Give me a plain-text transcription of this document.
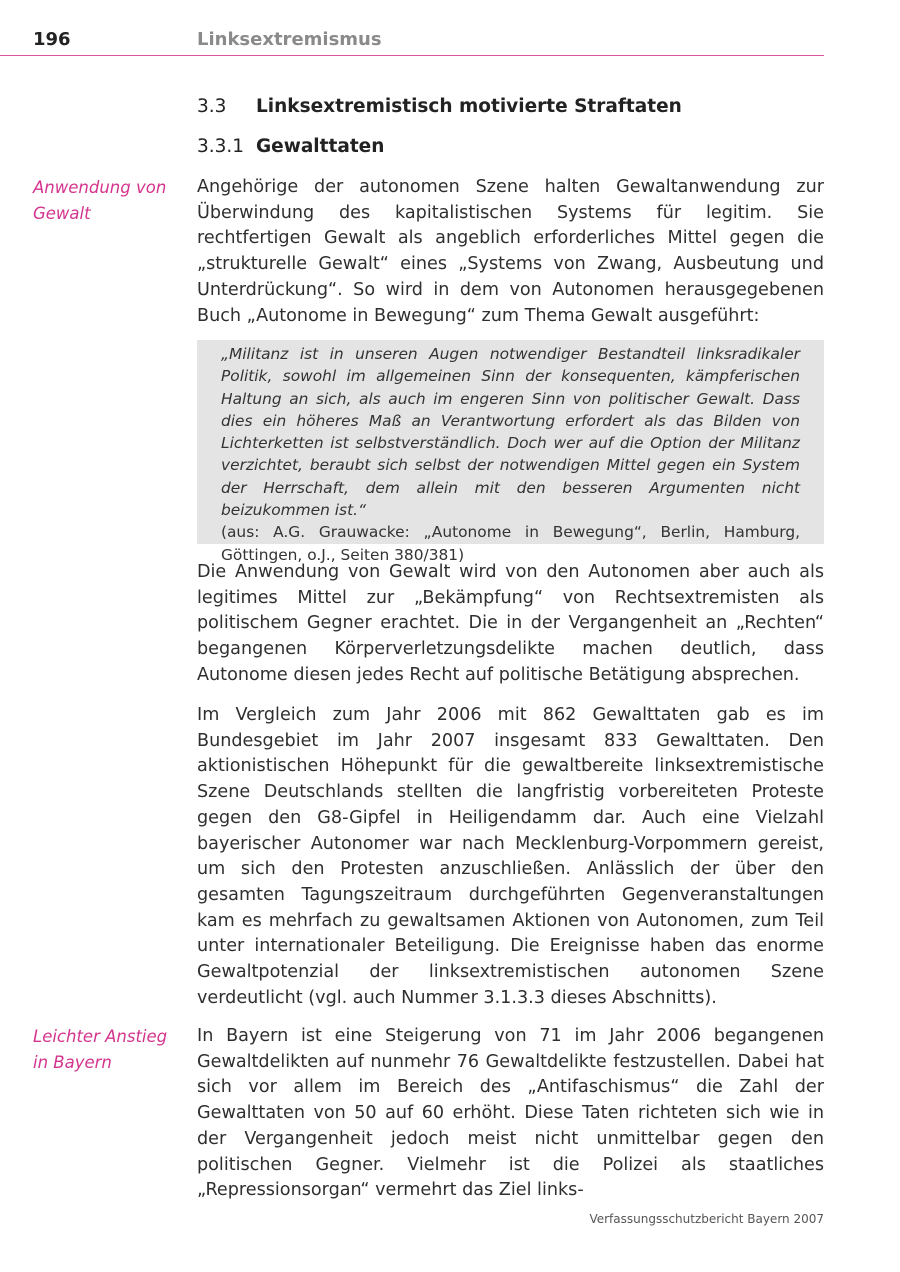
196	Linksextremismus
3.3 Linksextremistisch motivierte Straftaten
3.3.1 Gewalttaten
Anwendung von Gewalt
Angehörige der autonomen Szene halten Gewaltanwendung zur Überwindung des kapitalistischen Systems für legitim. Sie rechtfertigen Gewalt als angeblich erforderliches Mittel gegen die „strukturelle Gewalt“ eines „Systems von Zwang, Ausbeutung und Unterdrückung“. So wird in dem von Autonomen herausgegebenen Buch „Autonome in Bewegung“ zum Thema Gewalt ausgeführt:
„Militanz ist in unseren Augen notwendiger Bestandteil linksradikaler Politik, sowohl im allgemeinen Sinn der konsequenten, kämpferischen Haltung an sich, als auch im engeren Sinn von politischer Gewalt. Dass dies ein höheres Maß an Verantwortung erfordert als das Bilden von Lichterketten ist selbstverständlich. Doch wer auf die Option der Militanz verzichtet, beraubt sich selbst der notwendigen Mittel gegen ein System der Herrschaft, dem allein mit den besseren Argumenten nicht beizukommen ist.“
(aus: A.G. Grauwacke: „Autonome in Bewegung“, Berlin, Hamburg, Göttingen, o.J., Seiten 380/381)
Die Anwendung von Gewalt wird von den Autonomen aber auch als legitimes Mittel zur „Bekämpfung“ von Rechtsextremisten als politischem Gegner erachtet. Die in der Vergangenheit an „Rechten“ begangenen Körperverletzungsdelikte machen deutlich, dass Autonome diesen jedes Recht auf politische Betätigung absprechen.
Im Vergleich zum Jahr 2006 mit 862 Gewalttaten gab es im Bundesgebiet im Jahr 2007 insgesamt 833 Gewalttaten. Den aktionistischen Höhepunkt für die gewaltbereite linksextremistische Szene Deutschlands stellten die langfristig vorbereiteten Proteste gegen den G8-Gipfel in Heiligendamm dar. Auch eine Vielzahl bayerischer Autonomer war nach Mecklenburg-Vorpommern gereist, um sich den Protesten anzuschließen. Anlässlich der über den gesamten Tagungszeitraum durchgeführten Gegenveranstaltungen kam es mehrfach zu gewaltsamen Aktionen von Autonomen, zum Teil unter internationaler Beteiligung. Die Ereignisse haben das enorme Gewaltpotenzial der linksextremistischen autonomen Szene verdeutlicht (vgl. auch Nummer 3.1.3.3 dieses Abschnitts).
Leichter Anstieg in Bayern
In Bayern ist eine Steigerung von 71 im Jahr 2006 begangenen Gewaltdelikten auf nunmehr 76 Gewaltdelikte festzustellen. Dabei hat sich vor allem im Bereich des „Antifaschismus“ die Zahl der Gewalttaten von 50 auf 60 erhöht. Diese Taten richteten sich wie in der Vergangenheit jedoch meist nicht unmittelbar gegen den politischen Gegner. Vielmehr ist die Polizei als staatliches „Repressionsorgan“ vermehrt das Ziel links-
Verfassungsschutzbericht Bayern 2007
